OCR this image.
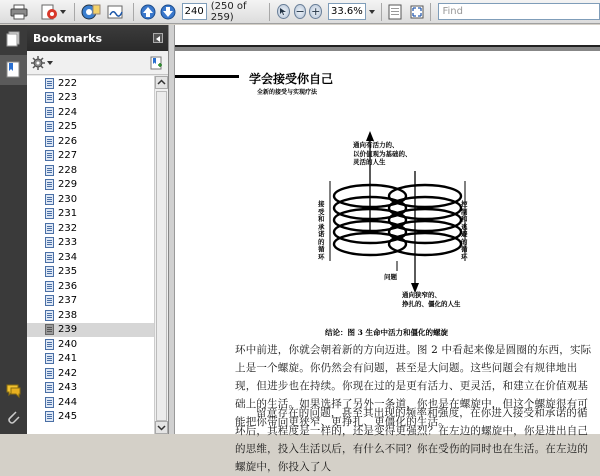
240 (250 of 259)	− +	33.6%	Find
Bookmarks
222
223
224
225
226
227
228
229
230
231
232
233
234
235
236
237
238
239
240
241
242
243
244
245
学会接受你自己
全新的接受与实现疗法
通向有活力的、
以价值观为基础的、
灵活的人生
接
受
和
承
诺
的
循
环
控
制
和
逃
避
的
循
环
问题
通向狭窄的、
挣扎的、僵化的人生
结论：图 3 生命中活力和僵化的螺旋

环中前进，你就会朝着新的方向迈进。图 2 中看起来像是圆圈的东西，实际上是一个螺旋。你仍然会有问题，甚至是大问题。这些问题会有规律地出现，但进步也在持续。你现在过的是更有活力、更灵活，和建立在价值观基础上的生活。如果选择了另外一条道，你也是在螺旋中，但这个螺旋很有可能把你带向更狭窄、更挣扎、更僵化的生活。

留意存在的问题，甚至其出现的频率和强度，在你进入接受和承诺的循环后，其程度是一样的，还是变得更强烈？在左边的螺旋中，你是进出自己的思维，投入生活以后，有什么不同？你在受伤的同时也在生活。在左边的螺旋中，你投入了人
